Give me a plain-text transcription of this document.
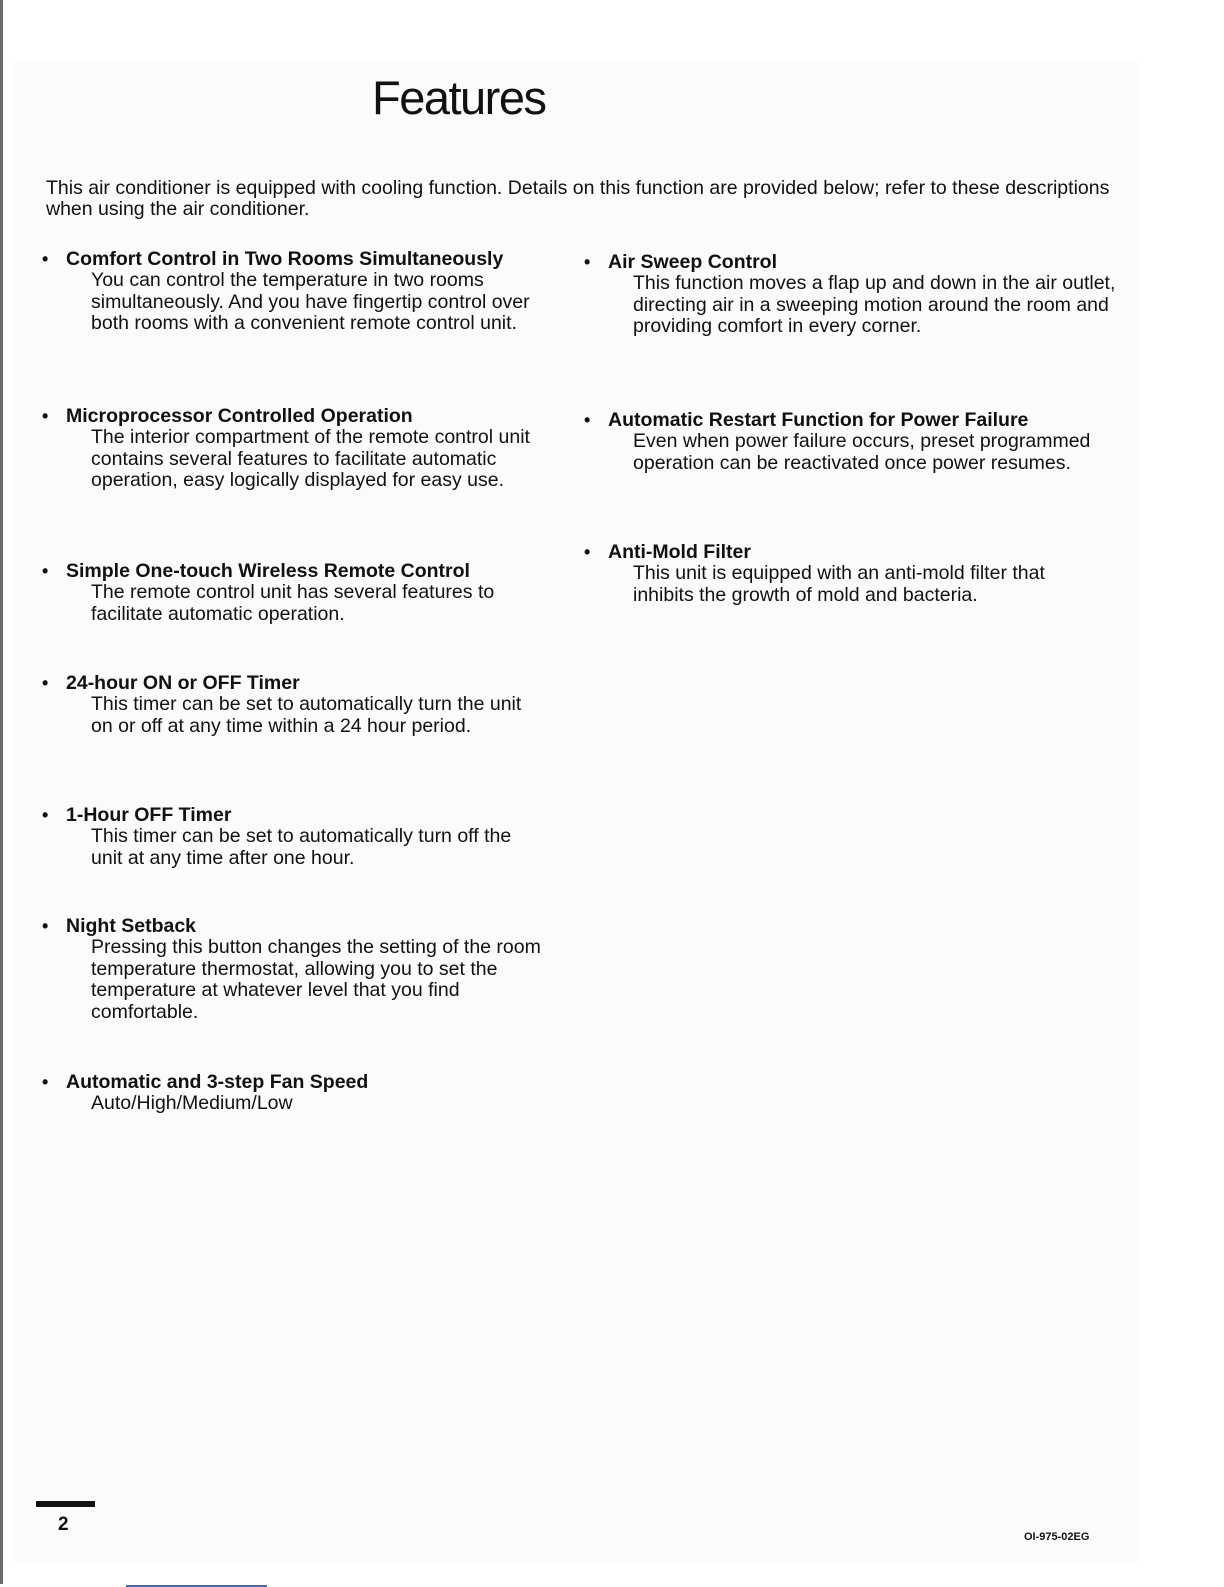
Features

This air conditioner is equipped with cooling function. Details on this function are provided below; refer to these descriptions when using the air conditioner.

• Comfort Control in Two Rooms Simultaneously

You can control the temperature in two rooms simultaneously. And you have fingertip control over both rooms with a convenient remote control unit.

• Microprocessor Controlled Operation

The interior compartment of the remote control unit contains several features to facilitate automatic operation, easy logically displayed for easy use.

• Simple One-touch Wireless Remote Control

The remote control unit has several features to facilitate automatic operation.

• 24-hour ON or OFF Timer

This timer can be set to automatically turn the unit on or off at any time within a 24 hour period.

• 1-Hour OFF Timer

This timer can be set to automatically turn off the unit at any time after one hour.

• Night Setback

Pressing this button changes the setting of the room temperature thermostat, allowing you to set the temperature at whatever level that you find comfortable.

• Automatic and 3-step Fan Speed

Auto/High/Medium/Low

• Air Sweep Control

This function moves a flap up and down in the air outlet, directing air in a sweeping motion around the room and providing comfort in every corner.

• Automatic Restart Function for Power Failure

Even when power failure occurs, preset programmed operation can be reactivated once power resumes.

• Anti-Mold Filter

This unit is equipped with an anti-mold filter that inhibits the growth of mold and bacteria.

2
OI-975-02EG
